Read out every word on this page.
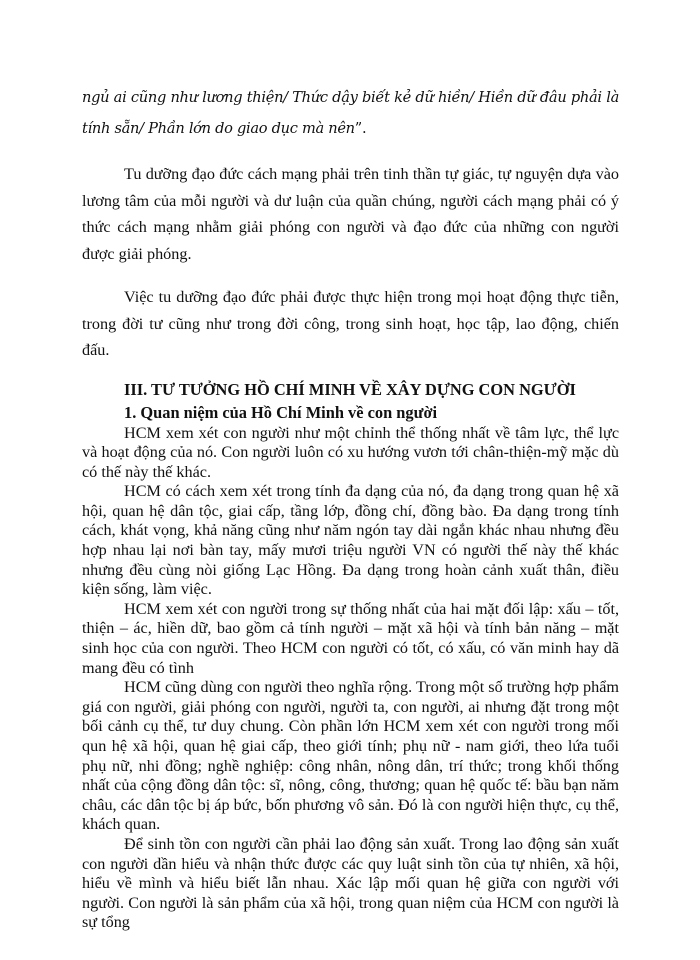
ngủ ai cũng như lương thiện/ Thức dậy biết kẻ dữ hiền/ Hiền dữ đâu phải là tính sẵn/ Phần lớn do giao dục mà nên”.

Tu dưỡng đạo đức cách mạng phải trên tinh thần tự giác, tự nguyện dựa vào lương tâm của mỗi người và dư luận của quần chúng, người cách mạng phải có ý thức cách mạng nhằm giải phóng con người và đạo đức của những con người được giải phóng.

Việc tu dưỡng đạo đức phải được thực hiện trong mọi hoạt động thực tiễn, trong đời tư cũng như trong đời công, trong sinh hoạt, học tập, lao động, chiến đấu.

III. TƯ TƯỞNG HỒ CHÍ MINH VỀ XÂY DỰNG CON NGƯỜI
1. Quan niệm của Hồ Chí Minh về con người

HCM xem xét con người như một chỉnh thể thống nhất về tâm lực, thể lực và hoạt động của nó. Con người luôn có xu hướng vươn tới chân-thiện-mỹ mặc dù có thế này thế khác.

HCM có cách xem xét trong tính đa dạng của nó, đa dạng trong quan hệ xã hội, quan hệ dân tộc, giai cấp, tầng lớp, đồng chí, đồng bào. Đa dạng trong tính cách, khát vọng, khả năng cũng như năm ngón tay dài ngắn khác nhau nhưng đều hợp nhau lại nơi bàn tay, mấy mươi triệu người VN có người thế này thế khác nhưng đều cùng nòi giống Lạc Hồng. Đa dạng trong hoàn cảnh xuất thân, điều kiện sống, làm việc.

HCM xem xét con người trong sự thống nhất của hai mặt đối lập: xấu – tốt, thiện – ác, hiền dữ, bao gồm cả tính người – mặt xã hội và tính bản năng – mặt sinh học của con người. Theo HCM con người có tốt, có xấu, có văn minh hay dã mang đều có tình

HCM cũng dùng con người theo nghĩa rộng. Trong một số trường hợp phẩm giá con người, giải phóng con người, người ta, con người, ai nhưng đặt trong một bối cảnh cụ thể, tư duy chung. Còn phần lớn HCM xem xét con người trong mối qun hệ xã hội, quan hệ giai cấp, theo giới tính; phụ nữ - nam giới, theo lứa tuổi phụ nữ, nhi đồng; nghề nghiệp: công nhân, nông dân, trí thức; trong khối thống nhất của cộng đồng dân tộc: sĩ, nông, công, thương; quan hệ quốc tế: bầu bạn năm châu, các dân tộc bị áp bức, bốn phương vô sản. Đó là con người hiện thực, cụ thể, khách quan.

Để sinh tồn con người cần phải lao động sản xuất. Trong lao động sản xuất con người dần hiểu và nhận thức được các quy luật sinh tồn của tự nhiên, xã hội, hiểu về mình và hiểu biết lẫn nhau. Xác lập mối quan hệ giữa con người với người. Con người là sản phẩm của xã hội, trong quan niệm của HCM con người là sự tổng
